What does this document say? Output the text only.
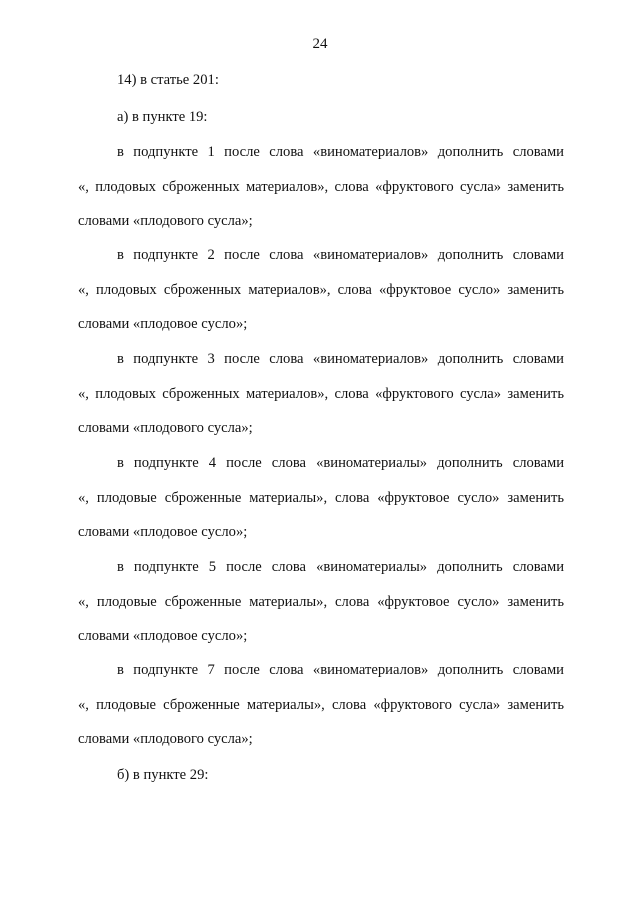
24
14) в статье 201:
а) в пункте 19:
в подпункте 1 после слова «виноматериалов» дополнить словами
«, плодовых сброженных материалов», слова «фруктового сусла» заменить
словами «плодового сусла»;
в подпункте 2 после слова «виноматериалов» дополнить словами
«, плодовых сброженных материалов», слова «фруктовое сусло» заменить
словами «плодовое сусло»;
в подпункте 3 после слова «виноматериалов» дополнить словами
«, плодовых сброженных материалов», слова «фруктового сусла» заменить
словами «плодового сусла»;
в подпункте 4 после слова «виноматериалы» дополнить словами
«, плодовые сброженные материалы», слова «фруктовое сусло» заменить
словами «плодовое сусло»;
в подпункте 5 после слова «виноматериалы» дополнить словами
«, плодовые сброженные материалы», слова «фруктовое сусло» заменить
словами «плодовое сусло»;
в подпункте 7 после слова «виноматериалов» дополнить словами
«, плодовые сброженные материалы», слова «фруктового сусла» заменить
словами «плодового сусла»;
б) в пункте 29:
